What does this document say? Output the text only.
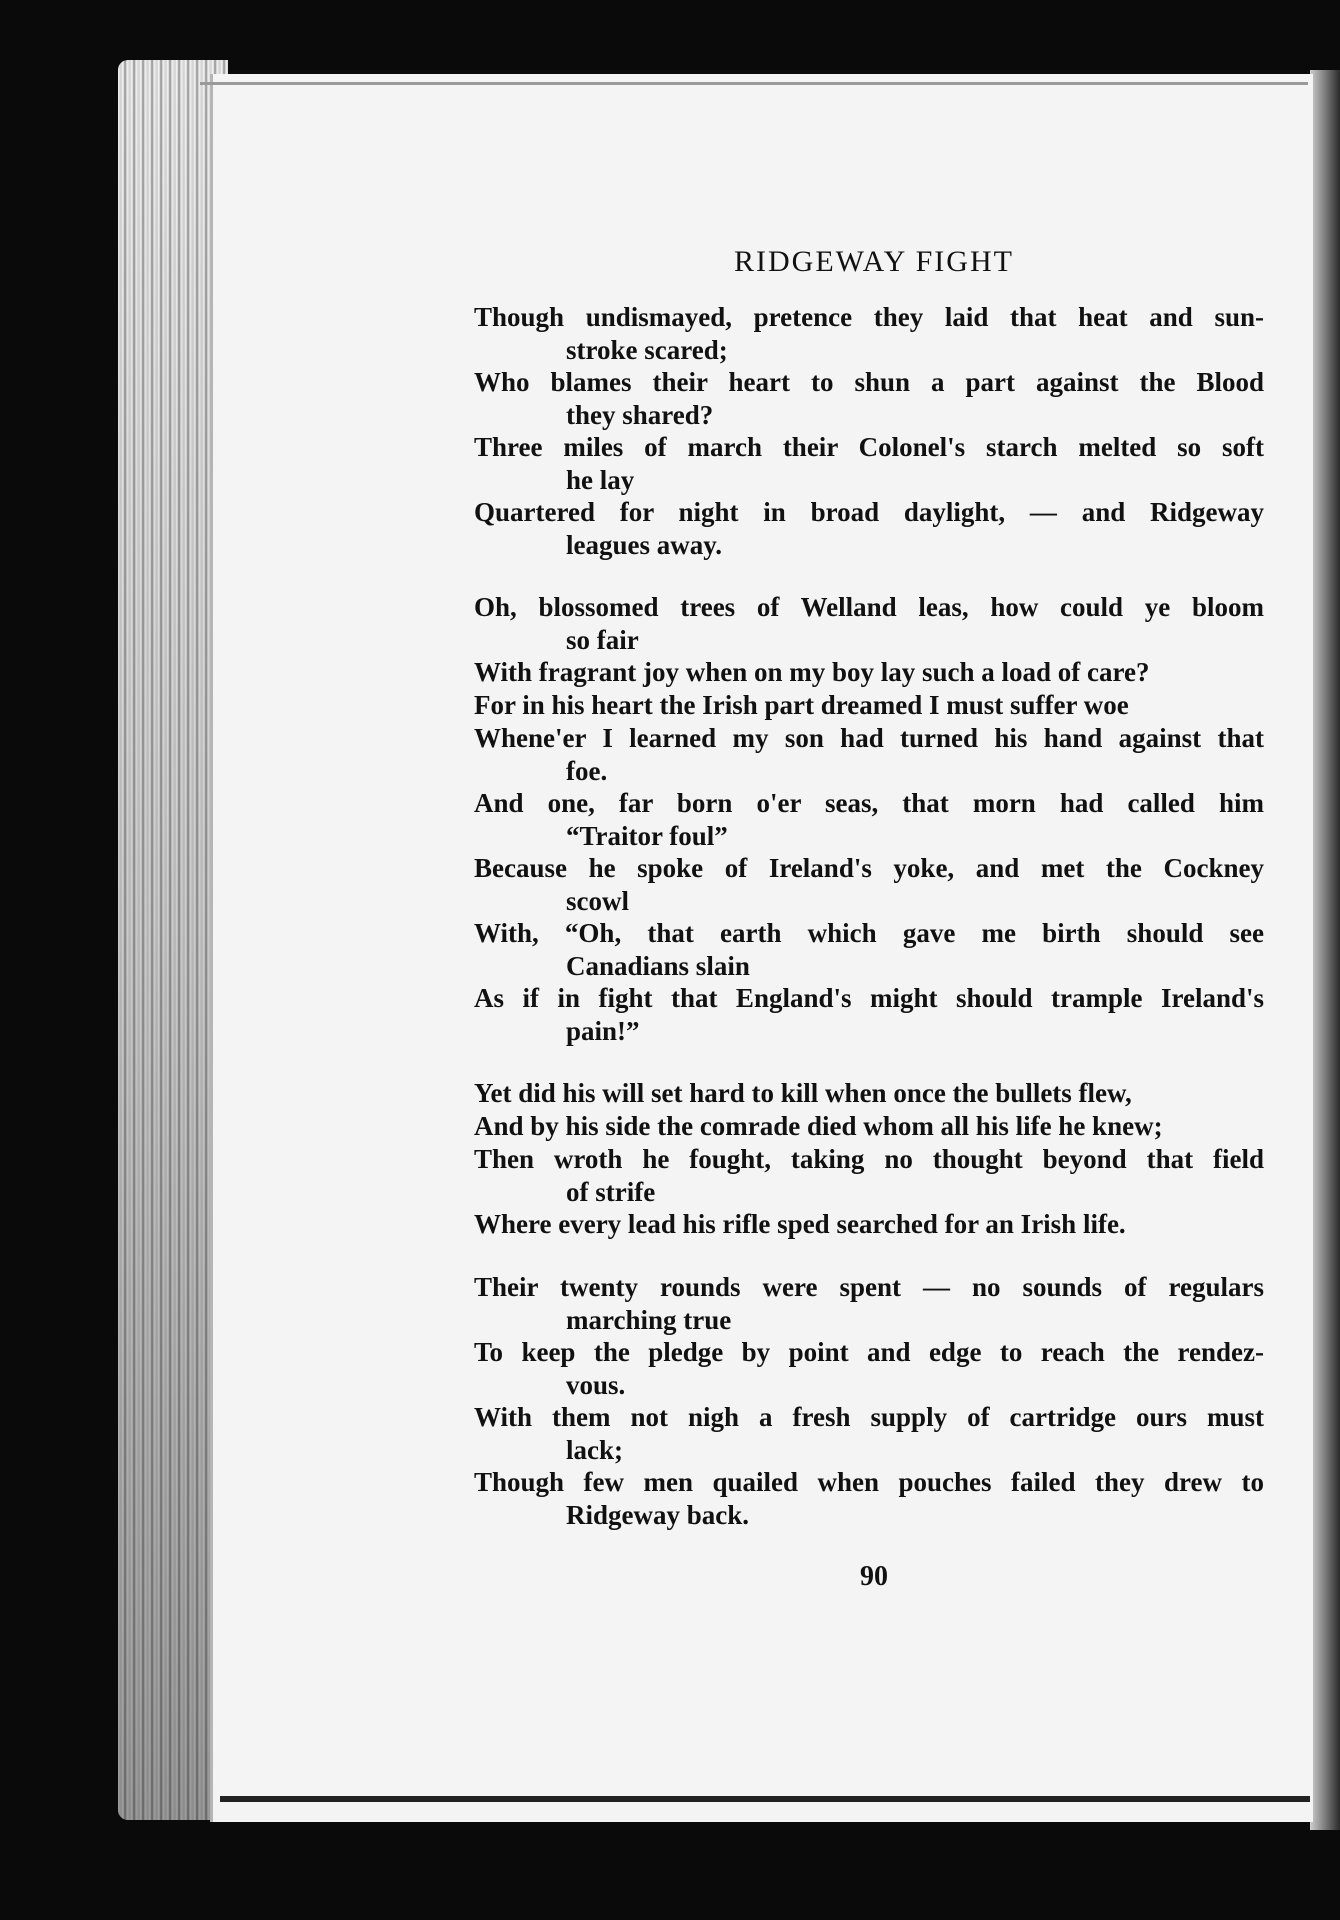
RIDGEWAY FIGHT
Though undismayed, pretence they laid that heat and sun-
stroke scared;
Who blames their heart to shun a part against the Blood
they shared?
Three miles of march their Colonel's starch melted so soft
he lay
Quartered for night in broad daylight, — and Ridgeway
leagues away.
Oh, blossomed trees of Welland leas, how could ye bloom
so fair
With fragrant joy when on my boy lay such a load of care?
For in his heart the Irish part dreamed I must suffer woe
Whene'er I learned my son had turned his hand against that
foe.
And one, far born o'er seas, that morn had called him
“Traitor foul”
Because he spoke of Ireland's yoke, and met the Cockney
scowl
With, “Oh, that earth which gave me birth should see
Canadians slain
As if in fight that England's might should trample Ireland's
pain!”
Yet did his will set hard to kill when once the bullets flew,
And by his side the comrade died whom all his life he knew;
Then wroth he fought, taking no thought beyond that field
of strife
Where every lead his rifle sped searched for an Irish life.
Their twenty rounds were spent — no sounds of regulars
marching true
To keep the pledge by point and edge to reach the rendez-
vous.
With them not nigh a fresh supply of cartridge ours must
lack;
Though few men quailed when pouches failed they drew to
Ridgeway back.
90
